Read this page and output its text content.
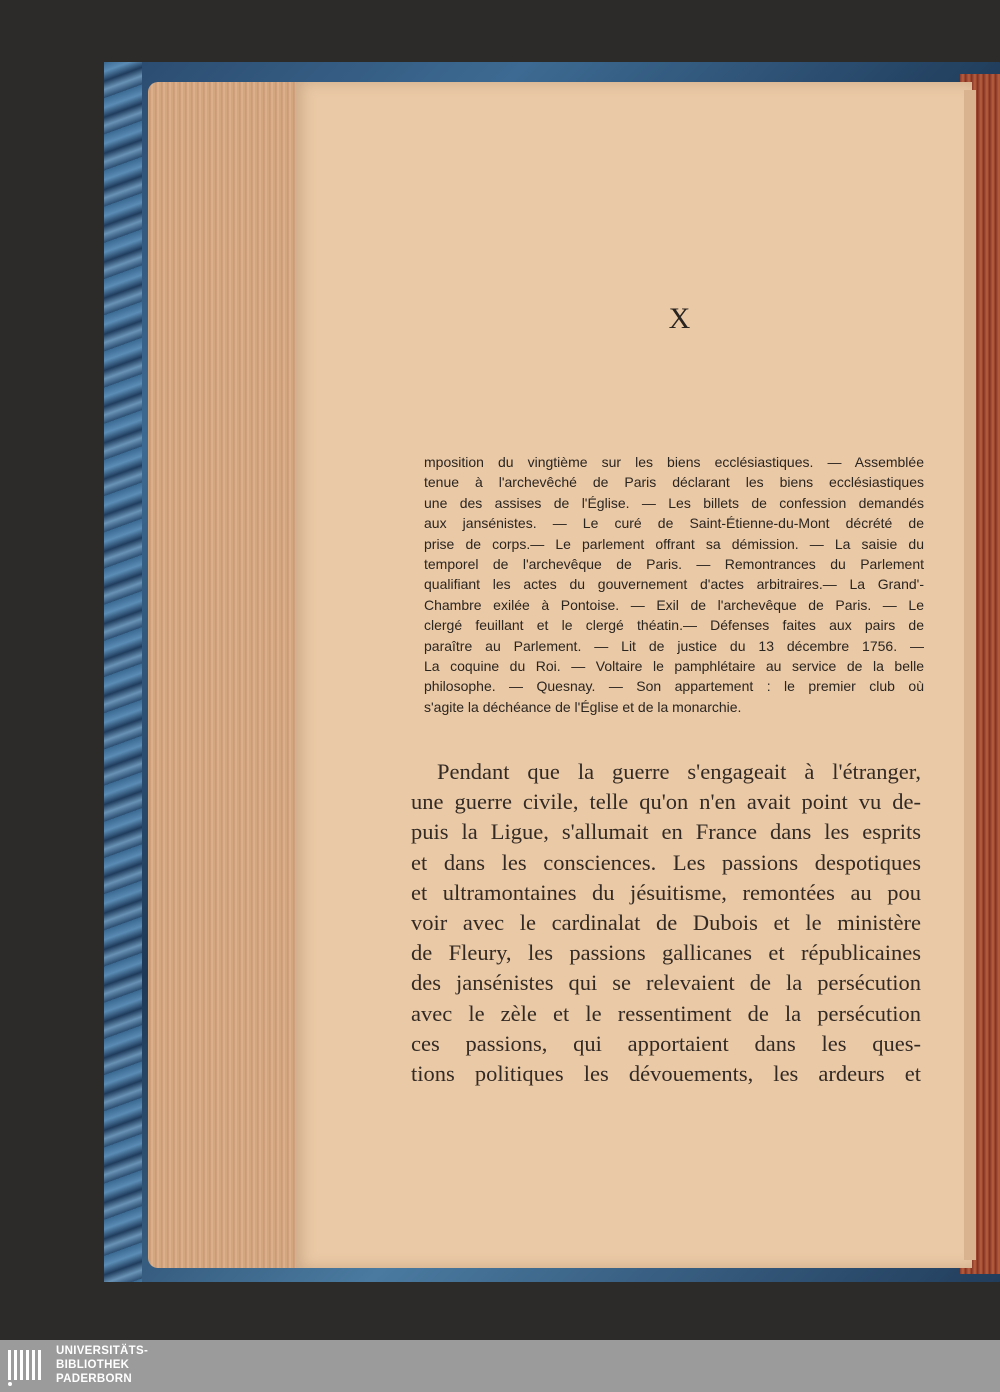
X
mposition du vingtième sur les biens ecclésiastiques. — Assemblée
tenue à l'archevêché de Paris déclarant les biens ecclésiastiques
une des assises de l'Église. — Les billets de confession demandés
aux jansénistes. — Le curé de Saint-Étienne-du-Mont décrété de
prise de corps.— Le parlement offrant sa démission. — La saisie du
temporel de l'archevêque de Paris. — Remontrances du Parlement
qualifiant les actes du gouvernement d'actes arbitraires.— La Grand'-
Chambre exilée à Pontoise. — Exil de l'archevêque de Paris. — Le
clergé feuillant et le clergé théatin.— Défenses faites aux pairs de
paraître au Parlement. — Lit de justice du 13 décembre 1756. —
La coquine du Roi. — Voltaire le pamphlétaire au service de la belle
philosophe. — Quesnay. — Son appartement : le premier club où
s'agite la déchéance de l'Église et de la monarchie.
Pendant que la guerre s'engageait à l'étranger,
une guerre civile, telle qu'on n'en avait point vu de-
puis la Ligue, s'allumait en France dans les esprits
et dans les consciences. Les passions despotiques
et ultramontaines du jésuitisme, remontées au pou
voir avec le cardinalat de Dubois et le ministère
de Fleury, les passions gallicanes et républicaines
des jansénistes qui se relevaient de la persécution
avec le zèle et le ressentiment de la persécution
ces passions, qui apportaient dans les ques-
tions politiques les dévouements, les ardeurs et
UNIVERSITÄTS-
BIBLIOTHEK
PADERBORN
